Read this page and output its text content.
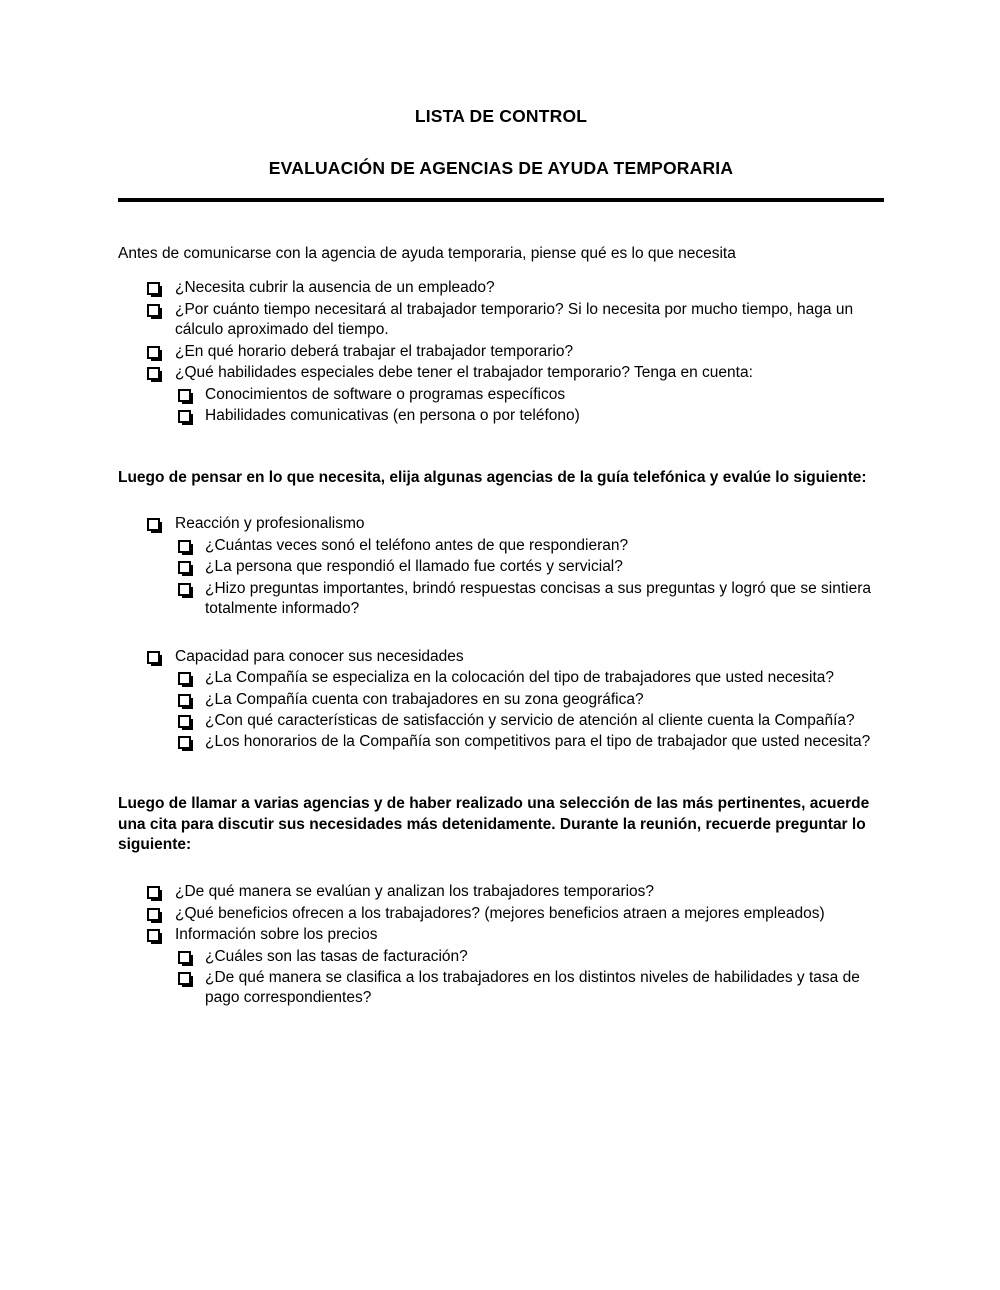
LISTA DE CONTROL
EVALUACIÓN DE AGENCIAS DE AYUDA TEMPORARIA

Antes de comunicarse con la agencia de ayuda temporaria, piense qué es lo que necesita

¿Necesita cubrir la ausencia de un empleado?
¿Por cuánto tiempo necesitará al trabajador temporario? Si lo necesita por mucho tiempo, haga un cálculo aproximado del tiempo.
¿En qué horario deberá trabajar el trabajador temporario?
¿Qué habilidades especiales debe tener el trabajador temporario? Tenga en cuenta:
Conocimientos de software o programas específicos
Habilidades comunicativas (en persona o por teléfono)

Luego de pensar en lo que necesita, elija algunas agencias de la guía telefónica y evalúe lo siguiente:

Reacción y profesionalismo
¿Cuántas veces sonó el teléfono antes de que respondieran?
¿La persona que respondió el llamado fue cortés y servicial?
¿Hizo preguntas importantes, brindó respuestas concisas a sus preguntas y logró que se sintiera totalmente informado?
Capacidad para conocer sus necesidades
¿La Compañía se especializa en la colocación del tipo de trabajadores que usted necesita?
¿La Compañía cuenta con trabajadores en su zona geográfica?
¿Con qué características de satisfacción y servicio de atención al cliente cuenta la Compañía?
¿Los honorarios de la Compañía son competitivos para el tipo de trabajador que usted necesita?

Luego de llamar a varias agencias y de haber realizado una selección de las más pertinentes, acuerde una cita para discutir sus necesidades más detenidamente. Durante la reunión, recuerde preguntar lo siguiente:

¿De qué manera se evalúan y analizan los trabajadores temporarios?
¿Qué beneficios ofrecen a los trabajadores? (mejores beneficios atraen a mejores empleados)
Información sobre los precios
¿Cuáles son las tasas de facturación?
¿De qué manera se clasifica a los trabajadores en los distintos niveles de habilidades y tasa de pago correspondientes?
